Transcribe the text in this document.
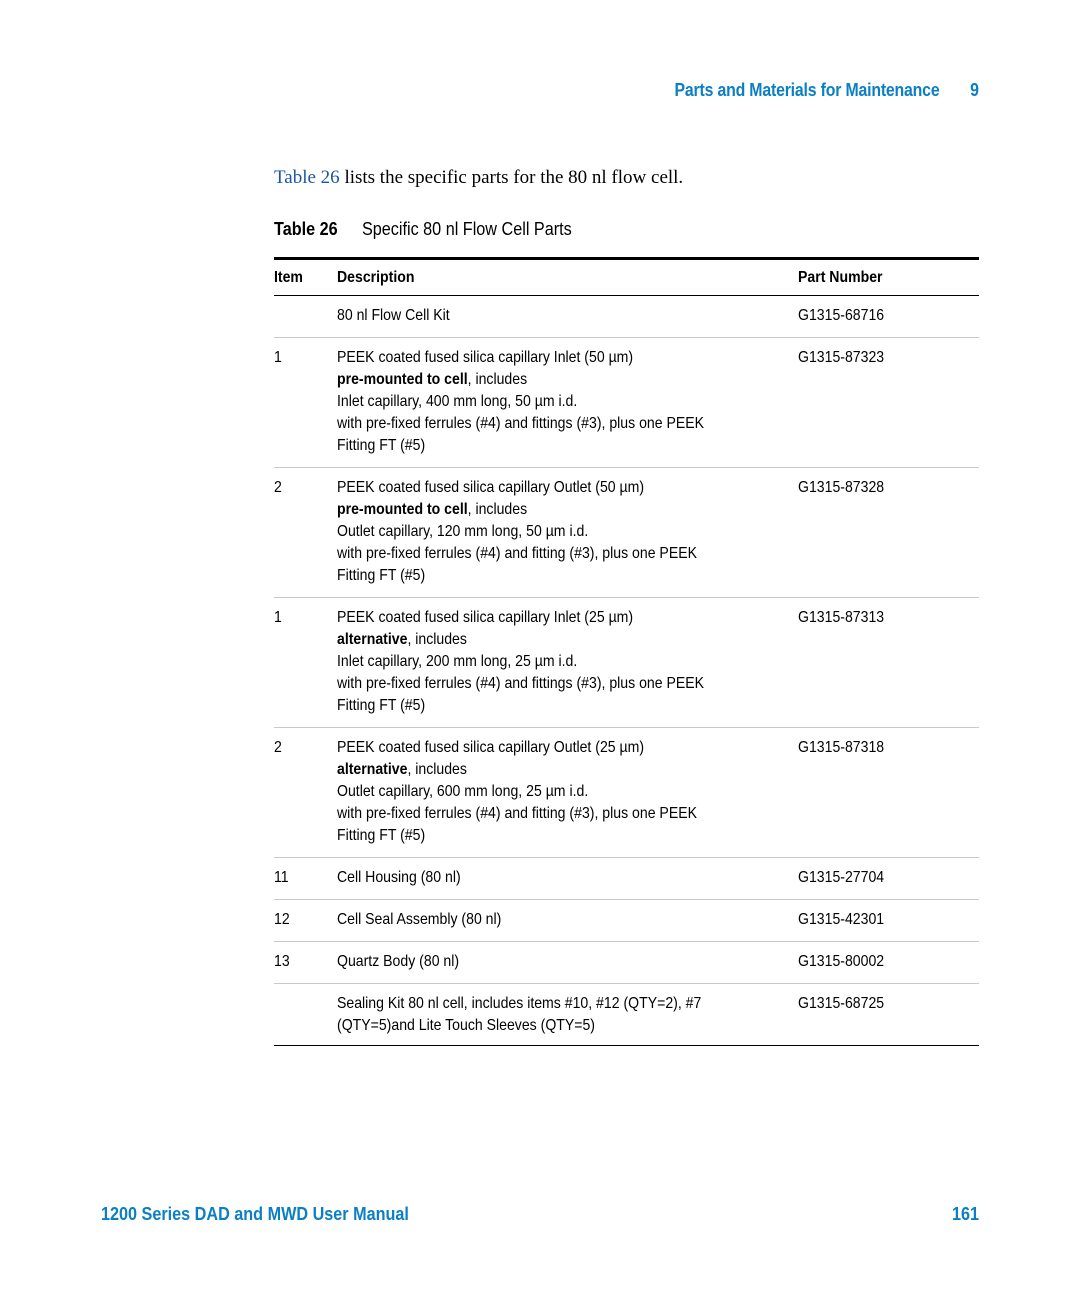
Parts and Materials for Maintenance 9
Table 26 lists the specific parts for the 80 nl flow cell.
Table 26 Specific 80 nl Flow Cell Parts
Item	Description	Part Number

	80 nl Flow Cell Kit	G1315-68716

1	PEEK coated fused silica capillary Inlet (50 µm)
pre-mounted to cell, includes
Inlet capillary, 400 mm long, 50 µm i.d.
with pre-fixed ferrules (#4) and fittings (#3), plus one PEEK
Fitting FT (#5)	G1315-87323

2	PEEK coated fused silica capillary Outlet (50 µm)
pre-mounted to cell, includes
Outlet capillary, 120 mm long, 50 µm i.d.
with pre-fixed ferrules (#4) and fitting (#3), plus one PEEK
Fitting FT (#5)	G1315-87328

1	PEEK coated fused silica capillary Inlet (25 µm)
alternative, includes
Inlet capillary, 200 mm long, 25 µm i.d.
with pre-fixed ferrules (#4) and fittings (#3), plus one PEEK
Fitting FT (#5)	G1315-87313

2	PEEK coated fused silica capillary Outlet (25 µm)
alternative, includes
Outlet capillary, 600 mm long, 25 µm i.d.
with pre-fixed ferrules (#4) and fitting (#3), plus one PEEK
Fitting FT (#5)	G1315-87318

11	Cell Housing (80 nl)	G1315-27704

12	Cell Seal Assembly (80 nl)	G1315-42301

13	Quartz Body (80 nl)	G1315-80002

	Sealing Kit 80 nl cell, includes items #10, #12 (QTY=2), #7
(QTY=5)and Lite Touch Sleeves (QTY=5)	G1315-68725
1200 Series DAD and MWD User Manual	161
